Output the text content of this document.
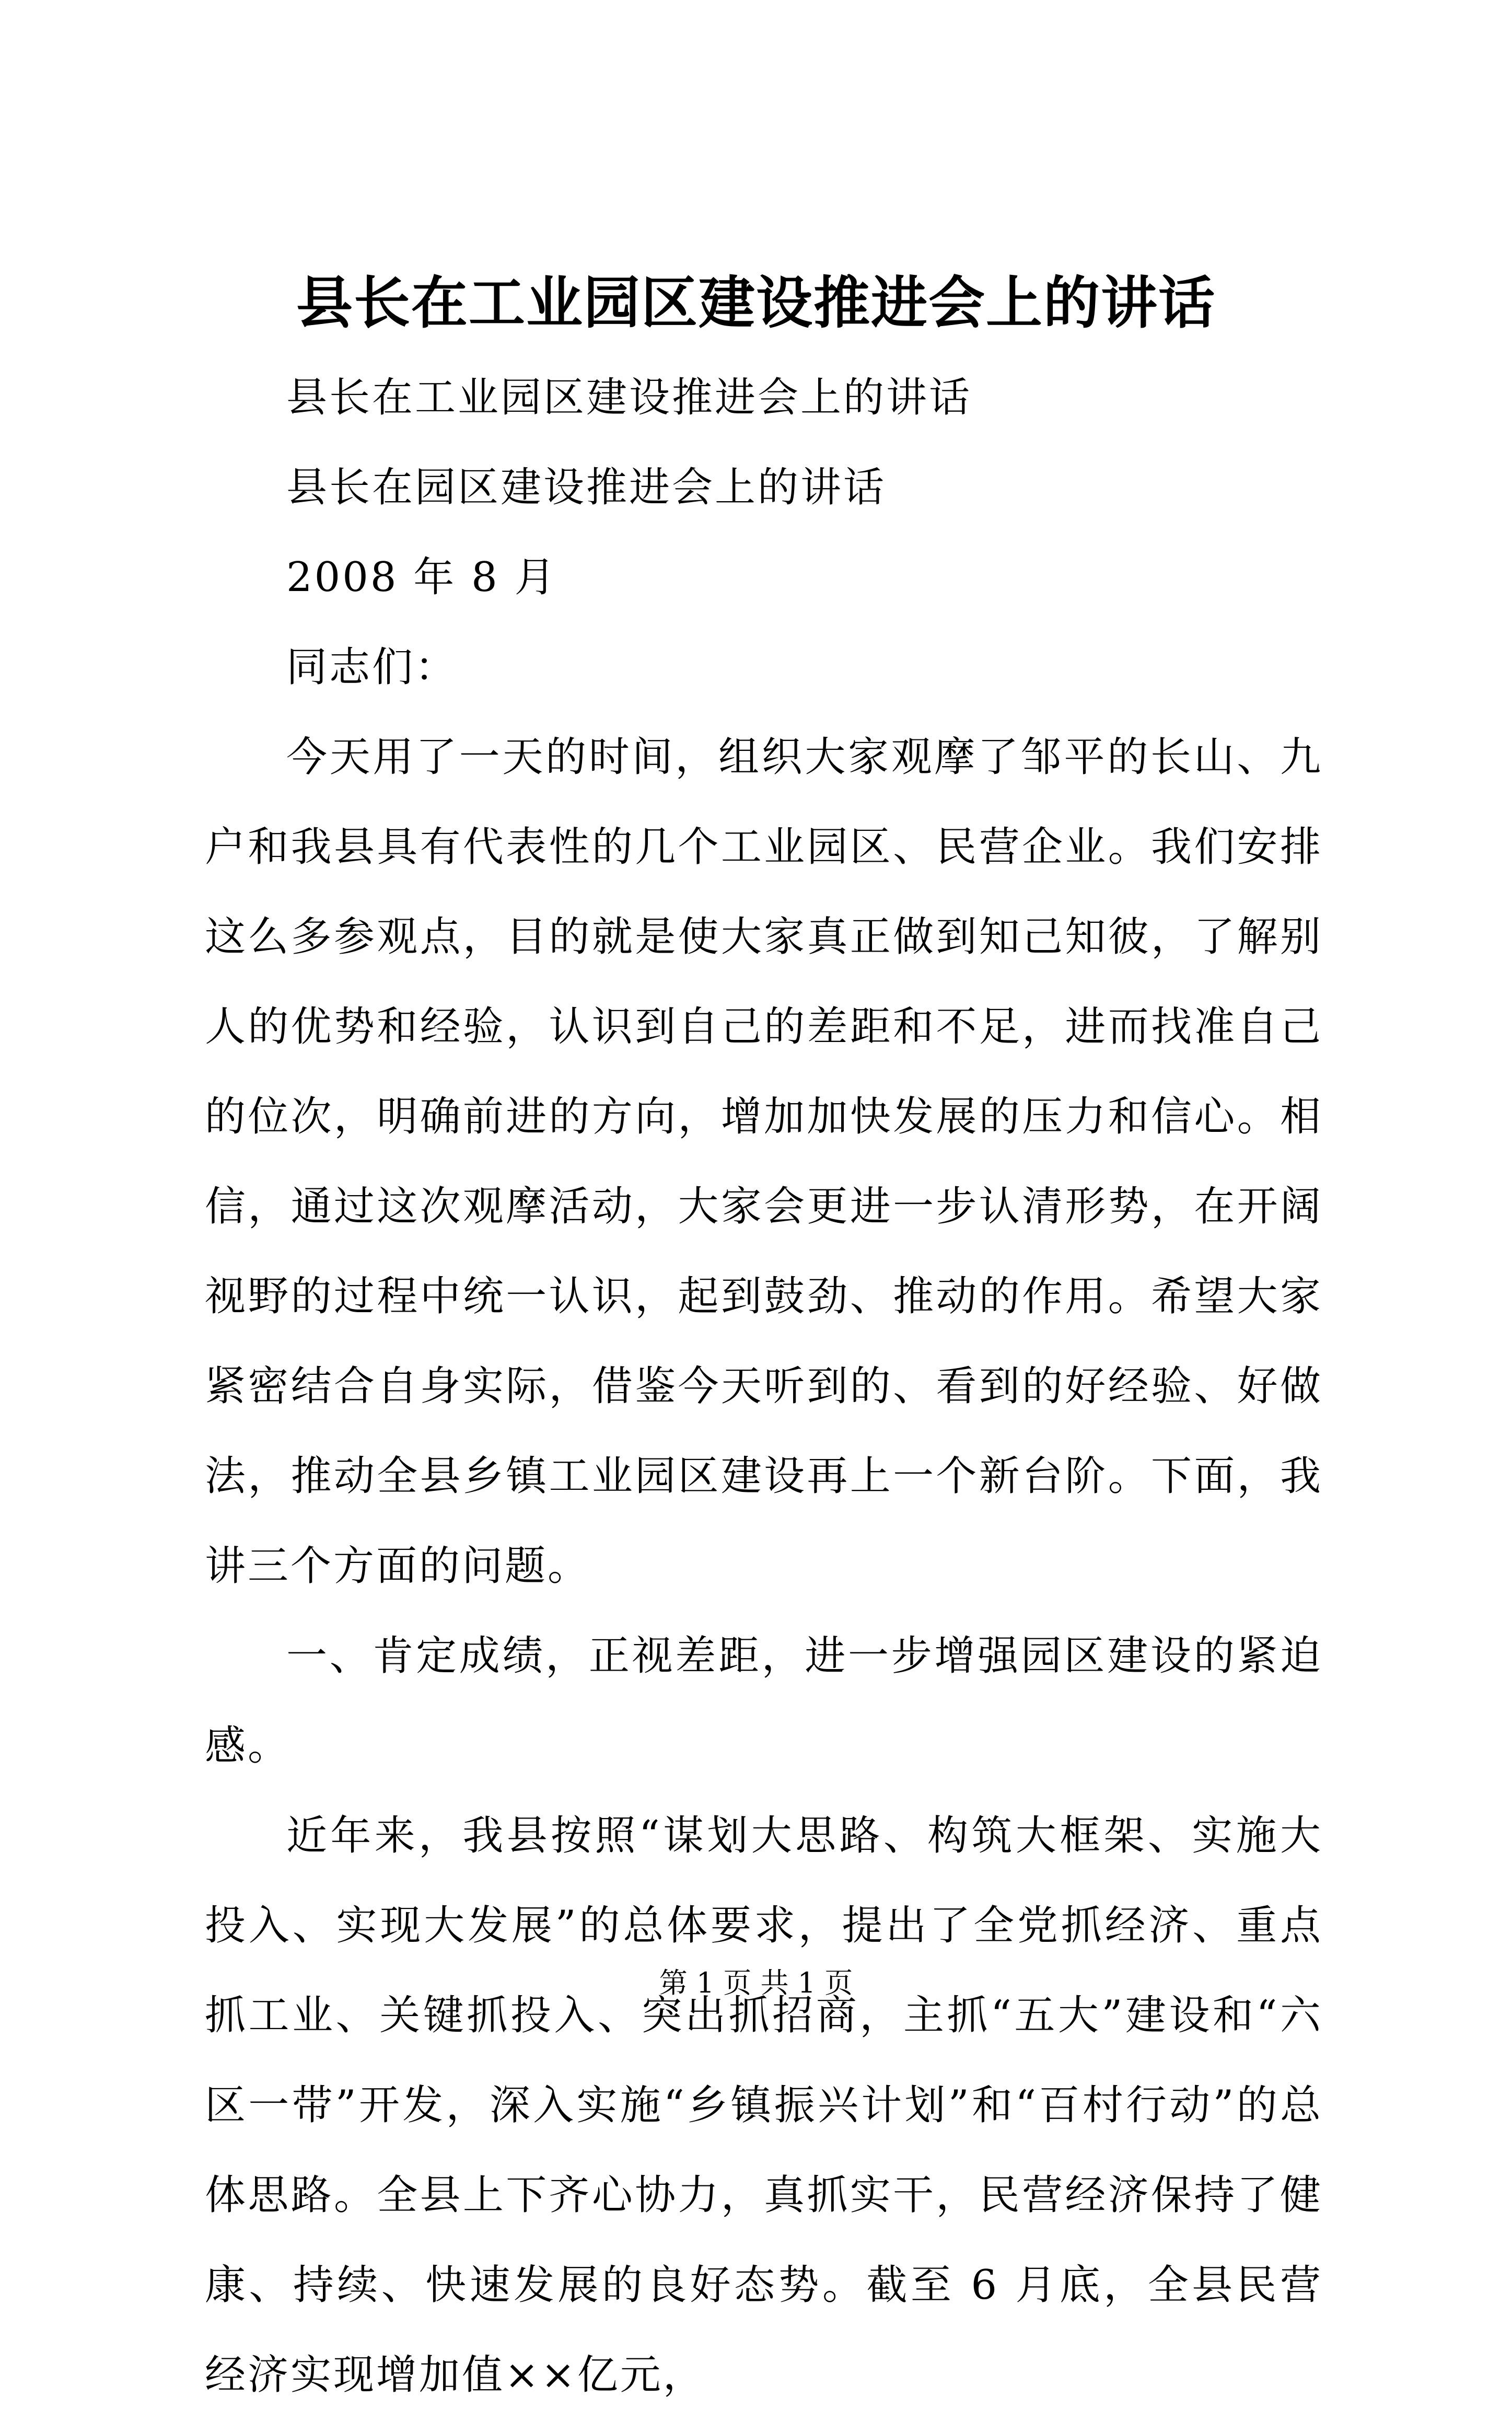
县长在工业园区建设推进会上的讲话

县长在工业园区建设推进会上的讲话

县长在园区建设推进会上的讲话

2008 年 8 月

同志们：

今天用了一天的时间，组织大家观摩了邹平的长山、九户和我县具有代表性的几个工业园区、民营企业。我们安排这么多参观点，目的就是使大家真正做到知己知彼，了解别人的优势和经验，认识到自己的差距和不足，进而找准自己的位次，明确前进的方向，增加加快发展的压力和信心。相信，通过这次观摩活动，大家会更进一步认清形势，在开阔视野的过程中统一认识，起到鼓劲、推动的作用。希望大家紧密结合自身实际，借鉴今天听到的、看到的好经验、好做法，推动全县乡镇工业园区建设再上一个新台阶。下面，我讲三个方面的问题。

一、肯定成绩，正视差距，进一步增强园区建设的紧迫感。

近年来，我县按照“谋划大思路、构筑大框架、实施大投入、实现大发展”的总体要求，提出了全党抓经济、重点抓工业、关键抓投入、突出抓招商，主抓“五大”建设和“六区一带”开发，深入实施“乡镇振兴计划”和“百村行动”的总体思路。全县上下齐心协力，真抓实干，民营经济保持了健康、持续、快速发展的良好态势。截至 6 月底，全县民营经济实现增加值××亿元，

第 1 页 共 1 页
